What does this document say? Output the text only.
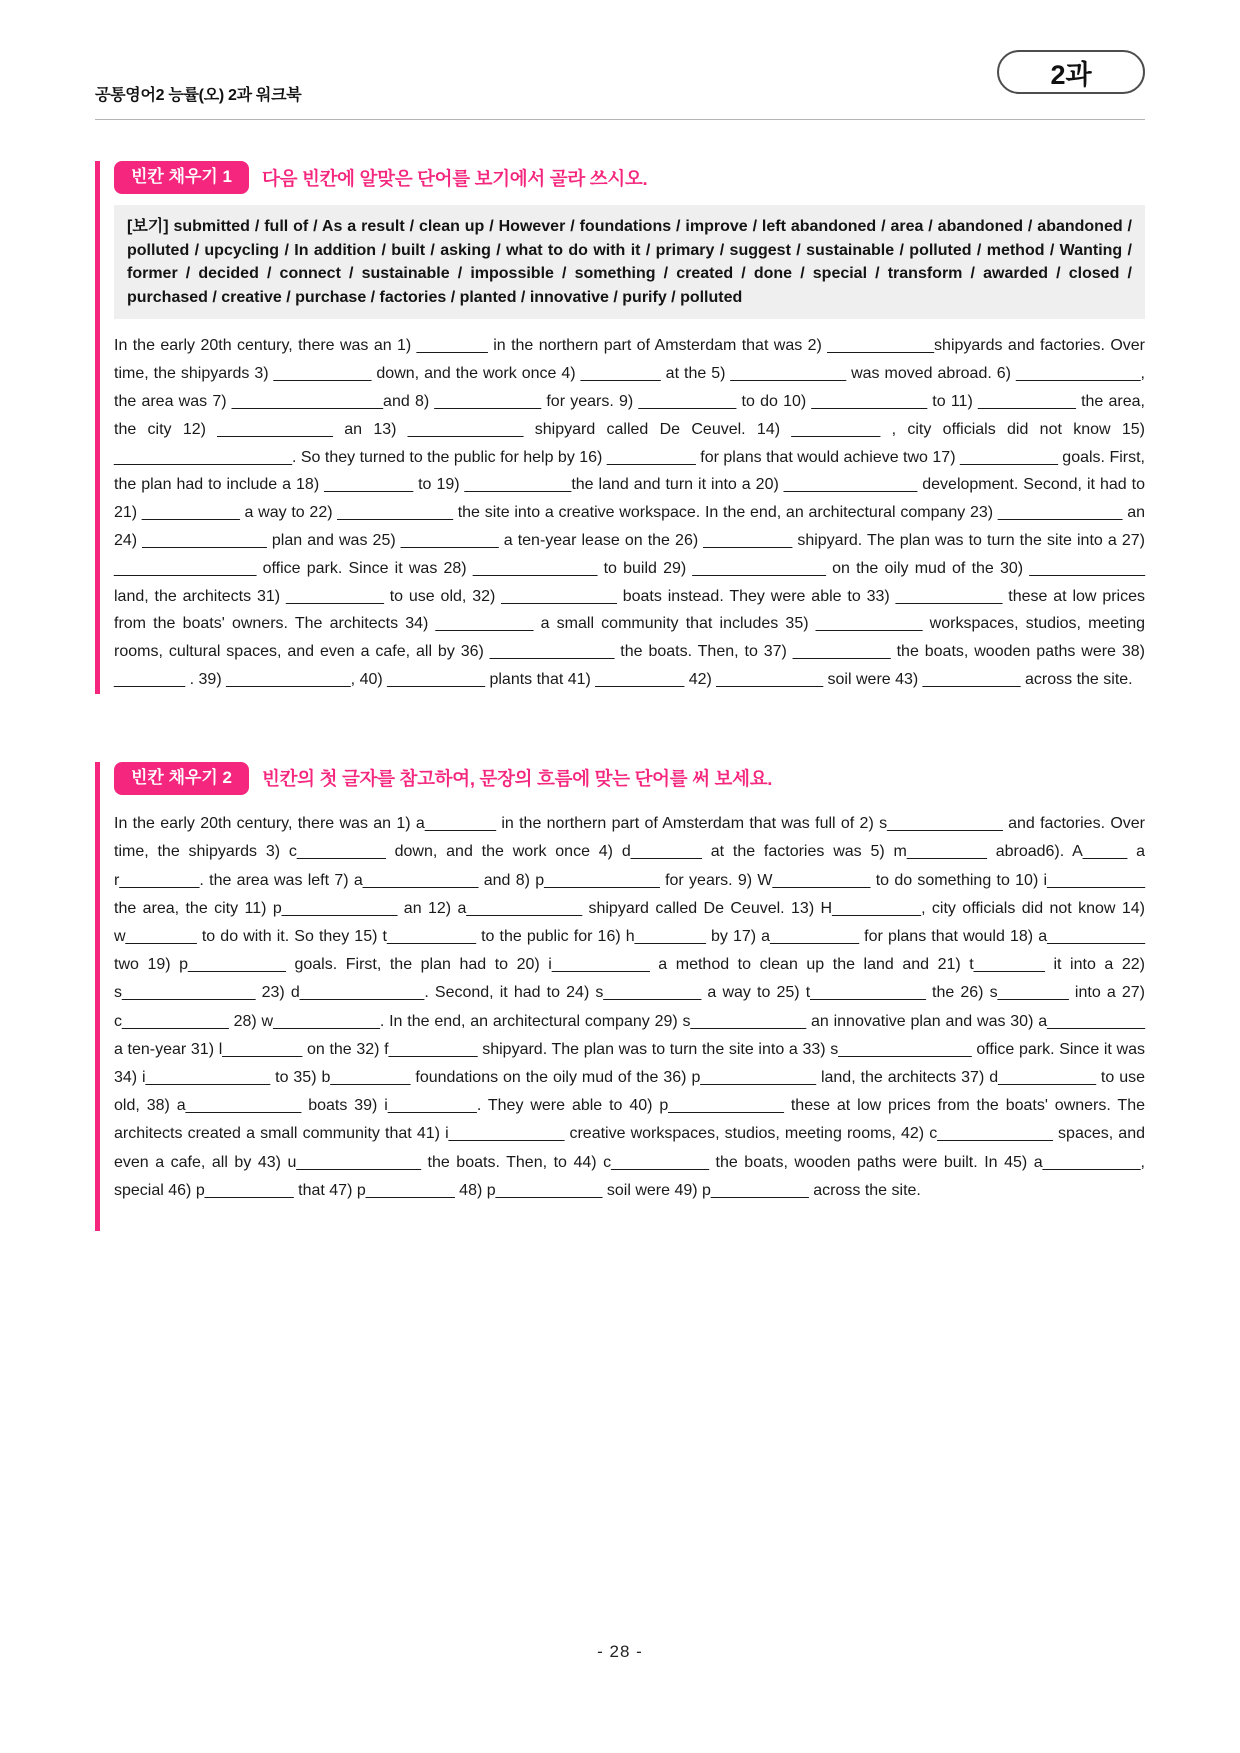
공통영어2 능률(오) 2과 워크북
2과
빈칸 채우기 1	다음 빈칸에 알맞은 단어를 보기에서 골라 쓰시오.
[보기] submitted / full of / As a result / clean up / However / foundations / improve / left abandoned / area / abandoned / abandoned / polluted / upcycling / In addition / built / asking / what to do with it / primary / suggest / sustainable / polluted / method / Wanting / former / decided / connect / sustainable / impossible / something / created / done / special / transform / awarded / closed / purchased / creative / purchase / factories / planted / innovative / purify / polluted

In the early 20th century, there was an 1) ________ in the northern part of Amsterdam that was 2) ____________shipyards and factories. Over time, the shipyards 3) ___________ down, and the work once 4) _________ at the 5) _____________ was moved abroad. 6) ______________, the area was 7) _________________and 8) ____________ for years. 9) ___________ to do 10) _____________ to 11) ___________ the area, the city 12) _____________ an 13) _____________ shipyard called De Ceuvel. 14) __________ , city officials did not know 15) ____________________. So they turned to the public for help by 16) __________ for plans that would achieve two 17) ___________ goals. First, the plan had to include a 18) __________ to 19) ____________the land and turn it into a 20) _______________ development. Second, it had to 21) ___________ a way to 22) _____________ the site into a creative workspace. In the end, an architectural company 23) ______________ an 24) ______________ plan and was 25) ___________ a ten-year lease on the 26) __________ shipyard. The plan was to turn the site into a 27) ________________ office park. Since it was 28) ______________ to build 29) _______________ on the oily mud of the 30) _____________ land, the architects 31) ___________ to use old, 32) _____________ boats instead. They were able to 33) ____________ these at low prices from the boats' owners. The architects 34) ___________ a small community that includes 35) ____________ workspaces, studios, meeting rooms, cultural spaces, and even a cafe, all by 36) ______________ the boats. Then, to 37) ___________ the boats, wooden paths were 38) ________ . 39) ______________, 40) ___________ plants that 41) __________ 42) ____________ soil were 43) ___________ across the site.

빈칸 채우기 2	빈칸의 첫 글자를 참고하여, 문장의 흐름에 맞는 단어를 써 보세요.

In the early 20th century, there was an 1) a________ in the northern part of Amsterdam that was full of 2) s_____________ and factories. Over time, the shipyards 3) c__________ down, and the work once 4) d________ at the factories was 5) m_________ abroad6). A_____ a r_________. the area was left 7) a_____________ and 8) p_____________ for years. 9) W___________ to do something to 10) i___________ the area, the city 11) p_____________ an 12) a_____________ shipyard called De Ceuvel. 13) H__________, city officials did not know 14) w________ to do with it. So they 15) t__________ to the public for 16) h________ by 17) a__________ for plans that would 18) a___________ two 19) p___________ goals. First, the plan had to 20) i___________ a method to clean up the land and 21) t________ it into a 22) s_______________ 23) d______________. Second, it had to 24) s___________ a way to 25) t_____________ the 26) s________ into a 27) c____________ 28) w____________. In the end, an architectural company 29) s_____________ an innovative plan and was 30) a___________ a ten-year 31) l_________ on the 32) f__________ shipyard. The plan was to turn the site into a 33) s_______________ office park. Since it was 34) i______________ to 35) b_________ foundations on the oily mud of the 36) p_____________ land, the architects 37) d___________ to use old, 38) a_____________ boats 39) i__________. They were able to 40) p_____________ these at low prices from the boats' owners. The architects created a small community that 41) i_____________ creative workspaces, studios, meeting rooms, 42) c_____________ spaces, and even a cafe, all by 43) u______________ the boats. Then, to 44) c___________ the boats, wooden paths were built. In 45) a___________, special 46) p__________ that 47) p__________ 48) p____________ soil were 49) p___________ across the site.

- 28 -
